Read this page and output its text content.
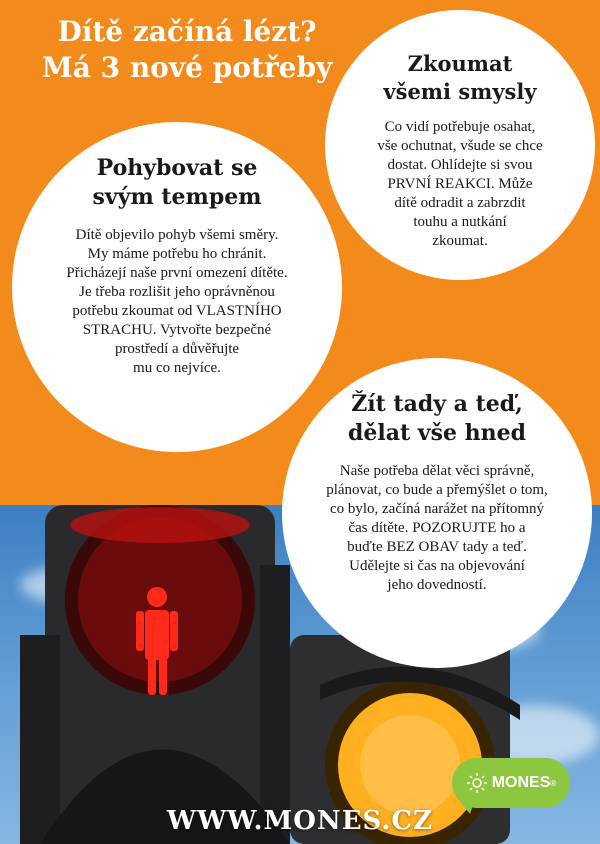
Dítě začíná lézt?
Má 3 nové potřeby	Zkoumat
všemi smysly
Co vidí potřebuje osahat,
vše ochutnat, všude se chce
dostat. Ohlídejte si svou
PRVNÍ REAKCI. Může
dítě odradit a zabrzdit
touhu a nutkání
zkoumat.
Pohybovat se
svým tempem
Dítě objevilo pohyb všemi směry.
My máme potřebu ho chránit.
Přicházejí naše první omezení dítěte.
Je třeba rozlišit jeho oprávněnou
potřebu zkoumat od VLASTNÍHO
STRACHU. Vytvořte bezpečné
prostředí a důvěřujte
mu co nejvíce.
Žít tady a teď,
dělat vše hned
Naše potřeba dělat věci správně,
plánovat, co bude a přemýšlet o tom,
co bylo, začíná narážet na přítomný
čas dítěte. POZORUJTE ho a
buďte BEZ OBAV tady a teď.
Udělejte si čas na objevování
jeho dovedností.
MONES ®
WWW.MONES.CZ
